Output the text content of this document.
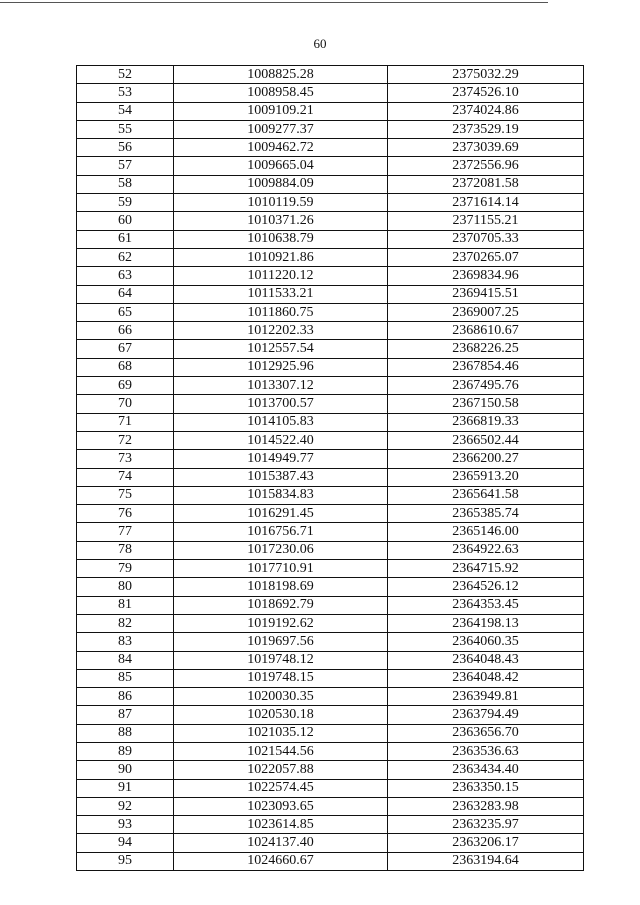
60
52	1008825.28	2375032.29
53	1008958.45	2374526.10
54	1009109.21	2374024.86
55	1009277.37	2373529.19
56	1009462.72	2373039.69
57	1009665.04	2372556.96
58	1009884.09	2372081.58
59	1010119.59	2371614.14
60	1010371.26	2371155.21
61	1010638.79	2370705.33
62	1010921.86	2370265.07
63	1011220.12	2369834.96
64	1011533.21	2369415.51
65	1011860.75	2369007.25
66	1012202.33	2368610.67
67	1012557.54	2368226.25
68	1012925.96	2367854.46
69	1013307.12	2367495.76
70	1013700.57	2367150.58
71	1014105.83	2366819.33
72	1014522.40	2366502.44
73	1014949.77	2366200.27
74	1015387.43	2365913.20
75	1015834.83	2365641.58
76	1016291.45	2365385.74
77	1016756.71	2365146.00
78	1017230.06	2364922.63
79	1017710.91	2364715.92
80	1018198.69	2364526.12
81	1018692.79	2364353.45
82	1019192.62	2364198.13
83	1019697.56	2364060.35
84	1019748.12	2364048.43
85	1019748.15	2364048.42
86	1020030.35	2363949.81
87	1020530.18	2363794.49
88	1021035.12	2363656.70
89	1021544.56	2363536.63
90	1022057.88	2363434.40
91	1022574.45	2363350.15
92	1023093.65	2363283.98
93	1023614.85	2363235.97
94	1024137.40	2363206.17
95	1024660.67	2363194.64
